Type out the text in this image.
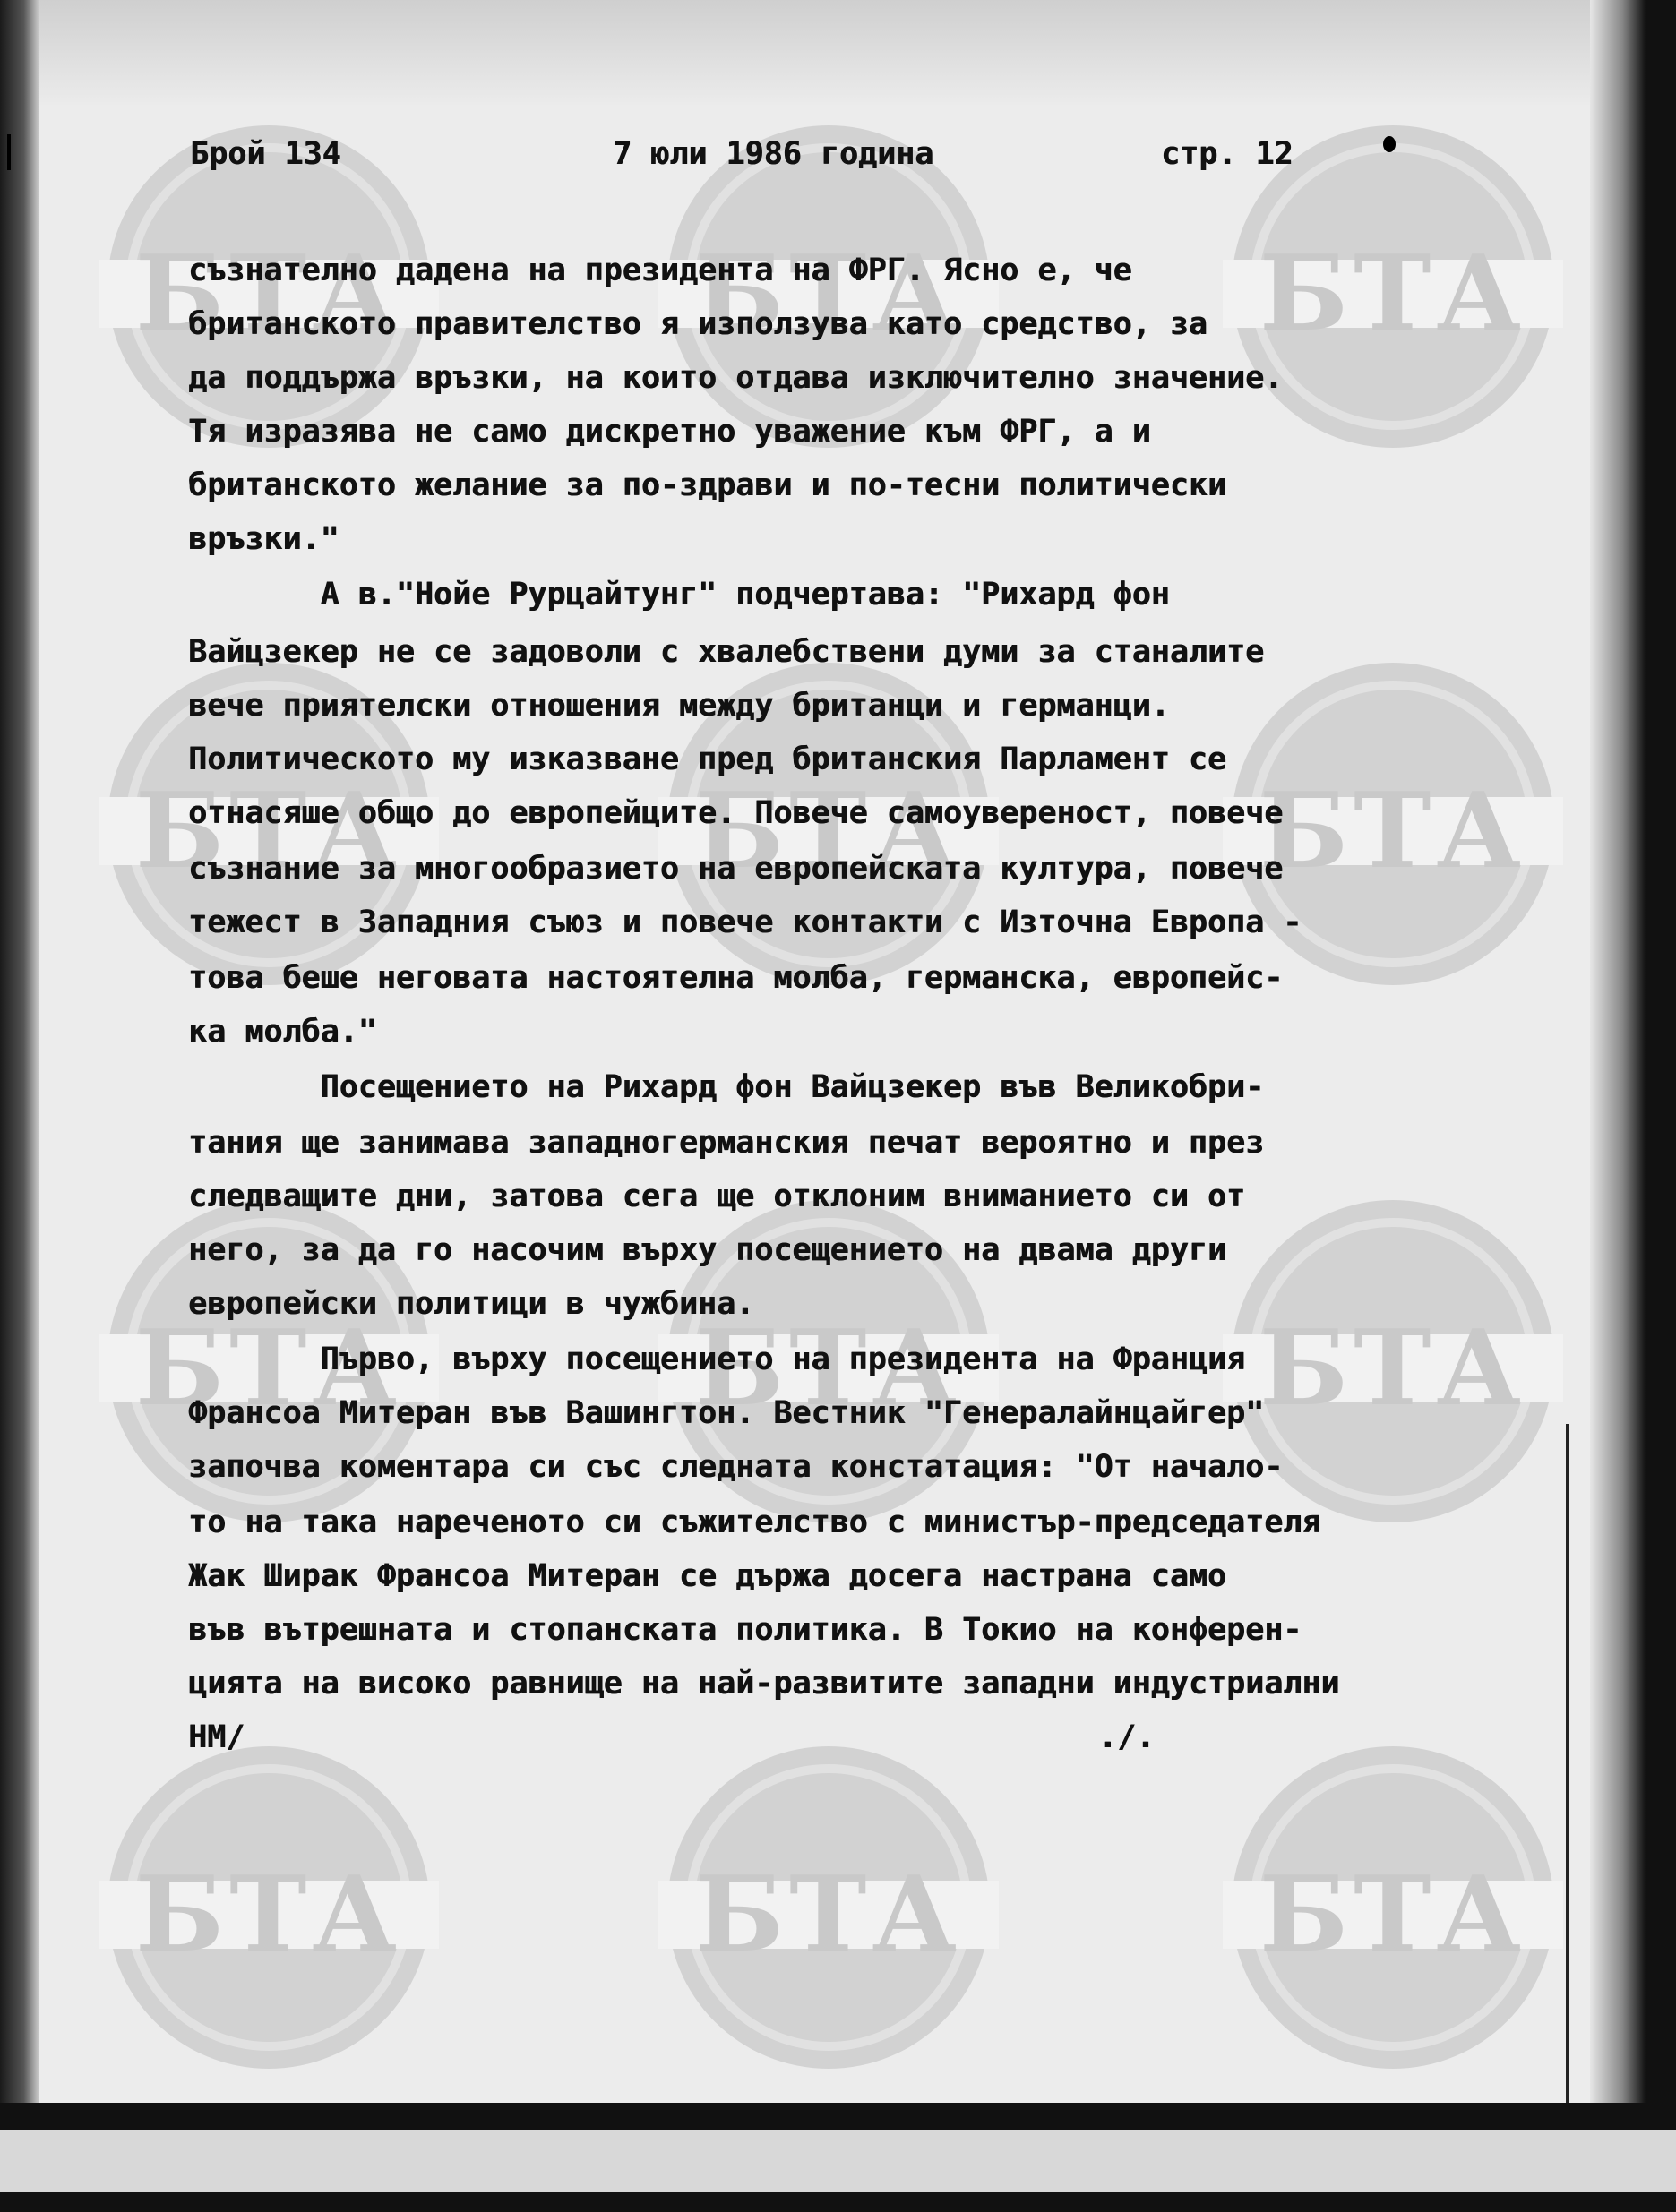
БТА	БТА	БТА
БТА	БТА	БТА
БТА	БТА	БТА
БТА	БТА	БТА
Брой 134	7 юли 1986 година	стр. 12
съзнателно дадена на президента на ФРГ. Ясно е, че
британското правителство я използува като средство, за
да поддържа връзки, на които отдава изключително значение.
Тя изразява не само дискретно уважение към ФРГ, а и
британското желание за по-здрави и по-тесни политически
връзки."
А в."Нойе Рурцайтунг" подчертава: "Рихард фон
Вайцзекер не се задоволи с хвалебствени думи за станалите
вече приятелски отношения между британци и германци.
Политическото му изказване пред британския Парламент се
отнасяше общо до европейците. Повече самоувереност, повече
съзнание за многообразието на европейската култура, повече
тежест в Западния съюз и повече контакти с Източна Европа -
това беше неговата настоятелна молба, германска, европейс-
ка молба."
Посещението на Рихард фон Вайцзекер във Великобри-
тания ще занимава западногерманския печат вероятно и през
следващите дни, затова сега ще отклоним вниманието си от
него, за да го насочим върху посещението на двама други
европейски политици в чужбина.
Първо, върху посещението на президента на Франция
Франсоа Митеран във Вашингтон. Вестник "Генералайнцайгер"
започва коментара си със следната констатация: "От начало-
то на така нареченото си съжителство с министър-председателя
Жак Ширак Франсоа Митеран се държа досега настрана само
във вътрешната и стопанската политика. В Токио на конферен-
цията на високо равнище на най-развитите западни индустриални
НМ/	./.
